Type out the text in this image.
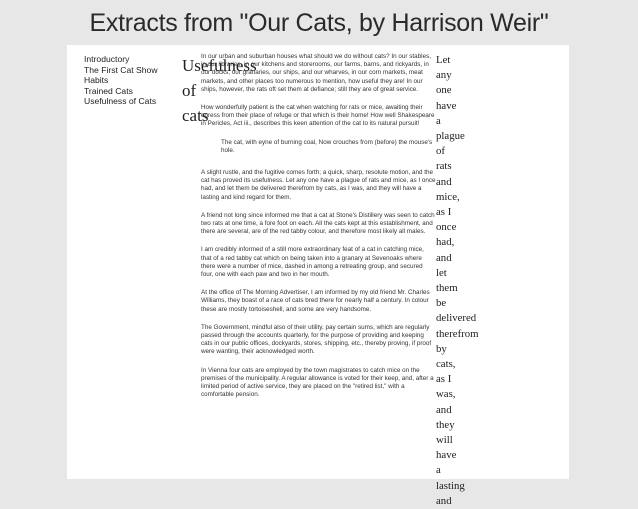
Extracts from "Our Cats, by Harrison Weir"
Introductory
The First Cat Show
Habits
Trained Cats
Usefulness of Cats
Usefulness
of
cats

In our urban and suburban houses what should we do without cats? In our stables, in our libraries, in our kitchens and storerooms, our farms, barns, and rickyards, in our docks, our granaries, our ships, and our wharves, in our corn markets, meat markets, and other places too numerous to mention, how useful they are! In our ships, however, the rats oft set them at defiance; still they are of great service.

How wonderfully patient is the cat when watching for rats or mice, awaiting their egress from their place of refuge or that which is their home! How well Shakespeare in Pericles, Act iii., describes this keen attention of the cat to its natural pursuit!

The cat, with eyne of burning coal, Now crouches from (before) the mouse's hole.

A slight rustle, and the fugitive comes forth; a quick, sharp, resolute motion, and the cat has proved its usefulness. Let any one have a plague of rats and mice, as I once had, and let them be delivered therefrom by cats, as I was, and they will have a lasting and kind regard for them.

A friend not long since informed me that a cat at Stone's Distillery was seen to catch two rats at one time, a fore foot on each. All the cats kept at this establishment, and there are several, are of the red tabby colour, and therefore most likely all males.

I am credibly informed of a still more extraordinary feat of a cat in catching mice, that of a red tabby cat which on being taken into a granary at Sevenoaks where there were a number of mice, dashed in among a retreating group, and secured four, one with each paw and two in her mouth.

At the office of The Morning Advertiser, I am informed by my old friend Mr. Charles Williams, they boast of a race of cats bred there for nearly half a century. In colour these are mostly tortoiseshell, and some are very handsome.

The Government, mindful also of their utility, pay certain sums, which are regularly passed through the accounts quarterly, for the purpose of providing and keeping cats in our public offices, dockyards, stores, shipping, etc., thereby proving, if proof were wanting, their acknowledged worth.

In Vienna four cats are employed by the town magistrates to catch mice on the premises of the municipality. A regular allowance is voted for their keep, and, after a limited period of active service, they are placed on the "retired list," with a comfortable pension.

Let
any
one
have
a
plague
of
rats
and
mice,
as I
once
had,
and
let
them
be
delivered
therefrom
by
cats,
as I
was,
and
they
will
have
a
lasting
and
